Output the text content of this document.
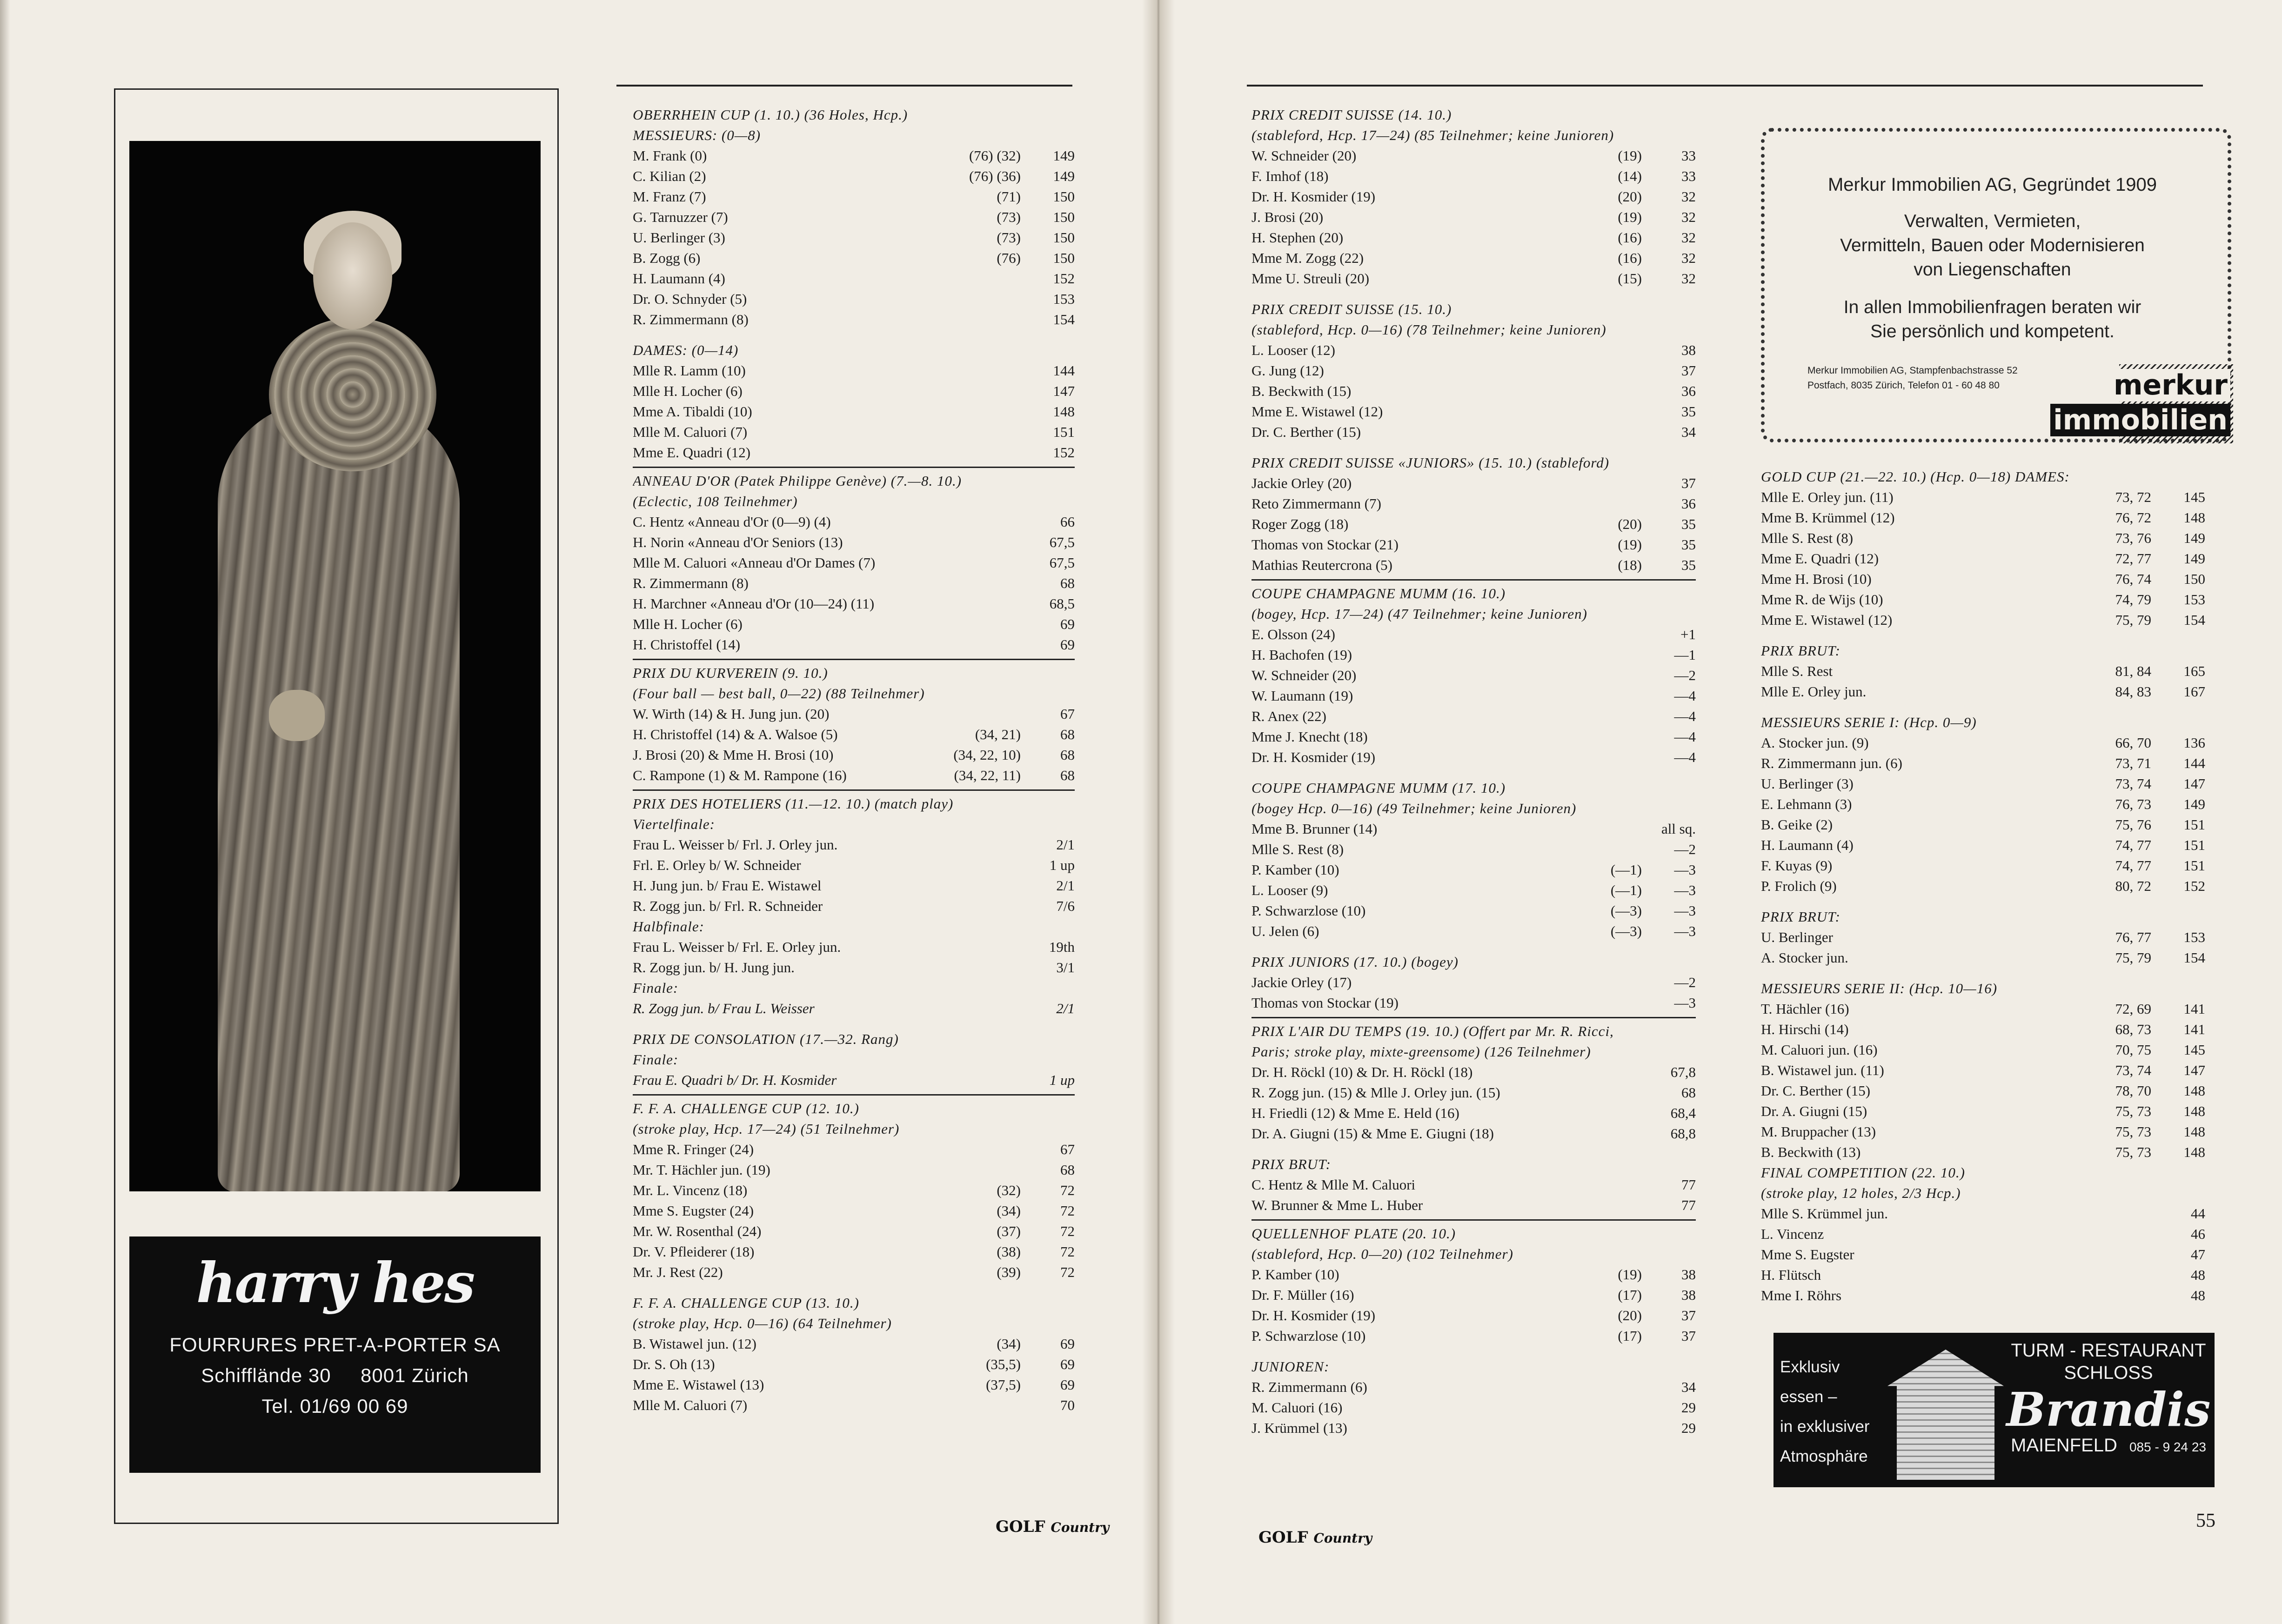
harry hes
FOURRURES PRET-A-PORTER SA
Schifflände 30     8001 Zürich
Tel. 01/69 00 69
OBERRHEIN CUP (1. 10.) (36 Holes, Hcp.)
MESSIEURS: (0—8)
M. Frank (0)	(76) (32)	149
C. Kilian (2)	(76) (36)	149
M. Franz (7)	(71)	150
G. Tarnuzzer (7)	(73)	150
U. Berlinger (3)	(73)	150
B. Zogg (6)	(76)	150
H. Laumann (4)	152
Dr. O. Schnyder (5)	153
R. Zimmermann (8)	154
DAMES: (0—14)
Mlle R. Lamm (10)	144
Mlle H. Locher (6)	147
Mme A. Tibaldi (10)	148
Mlle M. Caluori (7)	151
Mme E. Quadri (12)	152
ANNEAU D'OR (Patek Philippe Genève) (7.—8. 10.)
(Eclectic, 108 Teilnehmer)
C. Hentz «Anneau d'Or (0—9) (4)	66
H. Norin «Anneau d'Or Seniors (13)	67,5
Mlle M. Caluori «Anneau d'Or Dames (7)	67,5
R. Zimmermann (8)	68
H. Marchner «Anneau d'Or (10—24) (11)	68,5
Mlle H. Locher (6)	69
H. Christoffel (14)	69
PRIX DU KURVEREIN (9. 10.)
(Four ball — best ball, 0—22) (88 Teilnehmer)
W. Wirth (14) & H. Jung jun. (20)	67
H. Christoffel (14) & A. Walsoe (5)	(34, 21)	68
J. Brosi (20) & Mme H. Brosi (10)	(34, 22, 10)	68
C. Rampone (1) & M. Rampone (16)	(34, 22, 11)	68
PRIX DES HOTELIERS (11.—12. 10.) (match play)
Viertelfinale:
Frau L. Weisser b/ Frl. J. Orley jun.	2/1
Frl. E. Orley b/ W. Schneider	1 up
H. Jung jun. b/ Frau E. Wistawel	2/1
R. Zogg jun. b/ Frl. R. Schneider	7/6
Halbfinale:
Frau L. Weisser b/ Frl. E. Orley jun.	19th
R. Zogg jun. b/ H. Jung jun.	3/1
Finale:
R. Zogg jun. b/ Frau L. Weisser	2/1
PRIX DE CONSOLATION (17.—32. Rang)
Finale:
Frau E. Quadri b/ Dr. H. Kosmider	1 up
F. F. A. CHALLENGE CUP (12. 10.)
(stroke play, Hcp. 17—24) (51 Teilnehmer)
Mme R. Fringer (24)	67
Mr. T. Hächler jun. (19)	68
Mr. L. Vincenz (18)	(32)	72
Mme S. Eugster (24)	(34)	72
Mr. W. Rosenthal (24)	(37)	72
Dr. V. Pfleiderer (18)	(38)	72
Mr. J. Rest (22)	(39)	72
F. F. A. CHALLENGE CUP (13. 10.)
(stroke play, Hcp. 0—16) (64 Teilnehmer)
B. Wistawel jun. (12)	(34)	69
Dr. S. Oh (13)	(35,5)	69
Mme E. Wistawel (13)	(37,5)	69
Mlle M. Caluori (7)	70
GOLF Country
PRIX CREDIT SUISSE (14. 10.)
(stableford, Hcp. 17—24) (85 Teilnehmer; keine Junioren)
W. Schneider (20)	(19)	33
F. Imhof (18)	(14)	33
Dr. H. Kosmider (19)	(20)	32
J. Brosi (20)	(19)	32
H. Stephen (20)	(16)	32
Mme M. Zogg (22)	(16)	32
Mme U. Streuli (20)	(15)	32
PRIX CREDIT SUISSE (15. 10.)
(stableford, Hcp. 0—16) (78 Teilnehmer; keine Junioren)
L. Looser (12)	38
G. Jung (12)	37
B. Beckwith (15)	36
Mme E. Wistawel (12)	35
Dr. C. Berther (15)	34
PRIX CREDIT SUISSE «JUNIORS» (15. 10.) (stableford)
Jackie Orley (20)	37
Reto Zimmermann (7)	36
Roger Zogg (18)	(20)	35
Thomas von Stockar (21)	(19)	35
Mathias Reutercrona (5)	(18)	35
COUPE CHAMPAGNE MUMM (16. 10.)
(bogey, Hcp. 17—24) (47 Teilnehmer; keine Junioren)
E. Olsson (24)	+1
H. Bachofen (19)	—1
W. Schneider (20)	—2
W. Laumann (19)	—4
R. Anex (22)	—4
Mme J. Knecht (18)	—4
Dr. H. Kosmider (19)	—4
COUPE CHAMPAGNE MUMM (17. 10.)
(bogey Hcp. 0—16) (49 Teilnehmer; keine Junioren)
Mme B. Brunner (14)	all sq.
Mlle S. Rest (8)	—2
P. Kamber (10)	(—1)	—3
L. Looser (9)	(—1)	—3
P. Schwarzlose (10)	(—3)	—3
U. Jelen (6)	(—3)	—3
PRIX JUNIORS (17. 10.) (bogey)
Jackie Orley (17)	—2
Thomas von Stockar (19)	—3
PRIX L'AIR DU TEMPS (19. 10.) (Offert par Mr. R. Ricci,
Paris; stroke play, mixte-greensome) (126 Teilnehmer)
Dr. H. Röckl (10) & Dr. H. Röckl (18)	67,8
R. Zogg jun. (15) & Mlle J. Orley jun. (15)	68
H. Friedli (12) & Mme E. Held (16)	68,4
Dr. A. Giugni (15) & Mme E. Giugni (18)	68,8
PRIX BRUT:
C. Hentz & Mlle M. Caluori	77
W. Brunner & Mme L. Huber	77
QUELLENHOF PLATE (20. 10.)
(stableford, Hcp. 0—20) (102 Teilnehmer)
P. Kamber (10)	(19)	38
Dr. F. Müller (16)	(17)	38
Dr. H. Kosmider (19)	(20)	37
P. Schwarzlose (10)	(17)	37
JUNIOREN:
R. Zimmermann (6)	34
M. Caluori (16)	29
J. Krümmel (13)	29
GOLD CUP (21.—22. 10.) (Hcp. 0—18) DAMES:
Mlle E. Orley jun. (11)	73, 72	145
Mme B. Krümmel (12)	76, 72	148
Mlle S. Rest (8)	73, 76	149
Mme E. Quadri (12)	72, 77	149
Mme H. Brosi (10)	76, 74	150
Mme R. de Wijs (10)	74, 79	153
Mme E. Wistawel (12)	75, 79	154
PRIX BRUT:
Mlle S. Rest	81, 84	165
Mlle E. Orley jun.	84, 83	167
MESSIEURS SERIE I: (Hcp. 0—9)
A. Stocker jun. (9)	66, 70	136
R. Zimmermann jun. (6)	73, 71	144
U. Berlinger (3)	73, 74	147
E. Lehmann (3)	76, 73	149
B. Geike (2)	75, 76	151
H. Laumann (4)	74, 77	151
F. Kuyas (9)	74, 77	151
P. Frolich (9)	80, 72	152
PRIX BRUT:
U. Berlinger	76, 77	153
A. Stocker jun.	75, 79	154
MESSIEURS SERIE II: (Hcp. 10—16)
T. Hächler (16)	72, 69	141
H. Hirschi (14)	68, 73	141
M. Caluori jun. (16)	70, 75	145
B. Wistawel jun. (11)	73, 74	147
Dr. C. Berther (15)	78, 70	148
Dr. A. Giugni (15)	75, 73	148
M. Bruppacher (13)	75, 73	148
B. Beckwith (13)	75, 73	148
FINAL COMPETITION (22. 10.)
(stroke play, 12 holes, 2/3 Hcp.)
Mlle S. Krümmel jun.	44
L. Vincenz	46
Mme S. Eugster	47
H. Flütsch	48
Mme I. Röhrs	48
Merkur Immobilien AG, Gegründet 1909
Verwalten, Vermieten,
Vermitteln, Bauen oder Modernisieren
von Liegenschaften
In allen Immobilienfragen beraten wir
Sie persönlich und kompetent.
Merkur Immobilien AG, Stampfenbachstrasse 52
Postfach, 8035 Zürich, Telefon 01 - 60 48 80	merkur
immobilien
Exklusiv
essen –
in exklusiver
Atmosphäre
TURM - RESTAURANT
SCHLOSS
Brandis
MAIENFELD 085 - 9 24 23
GOLF Country
55
